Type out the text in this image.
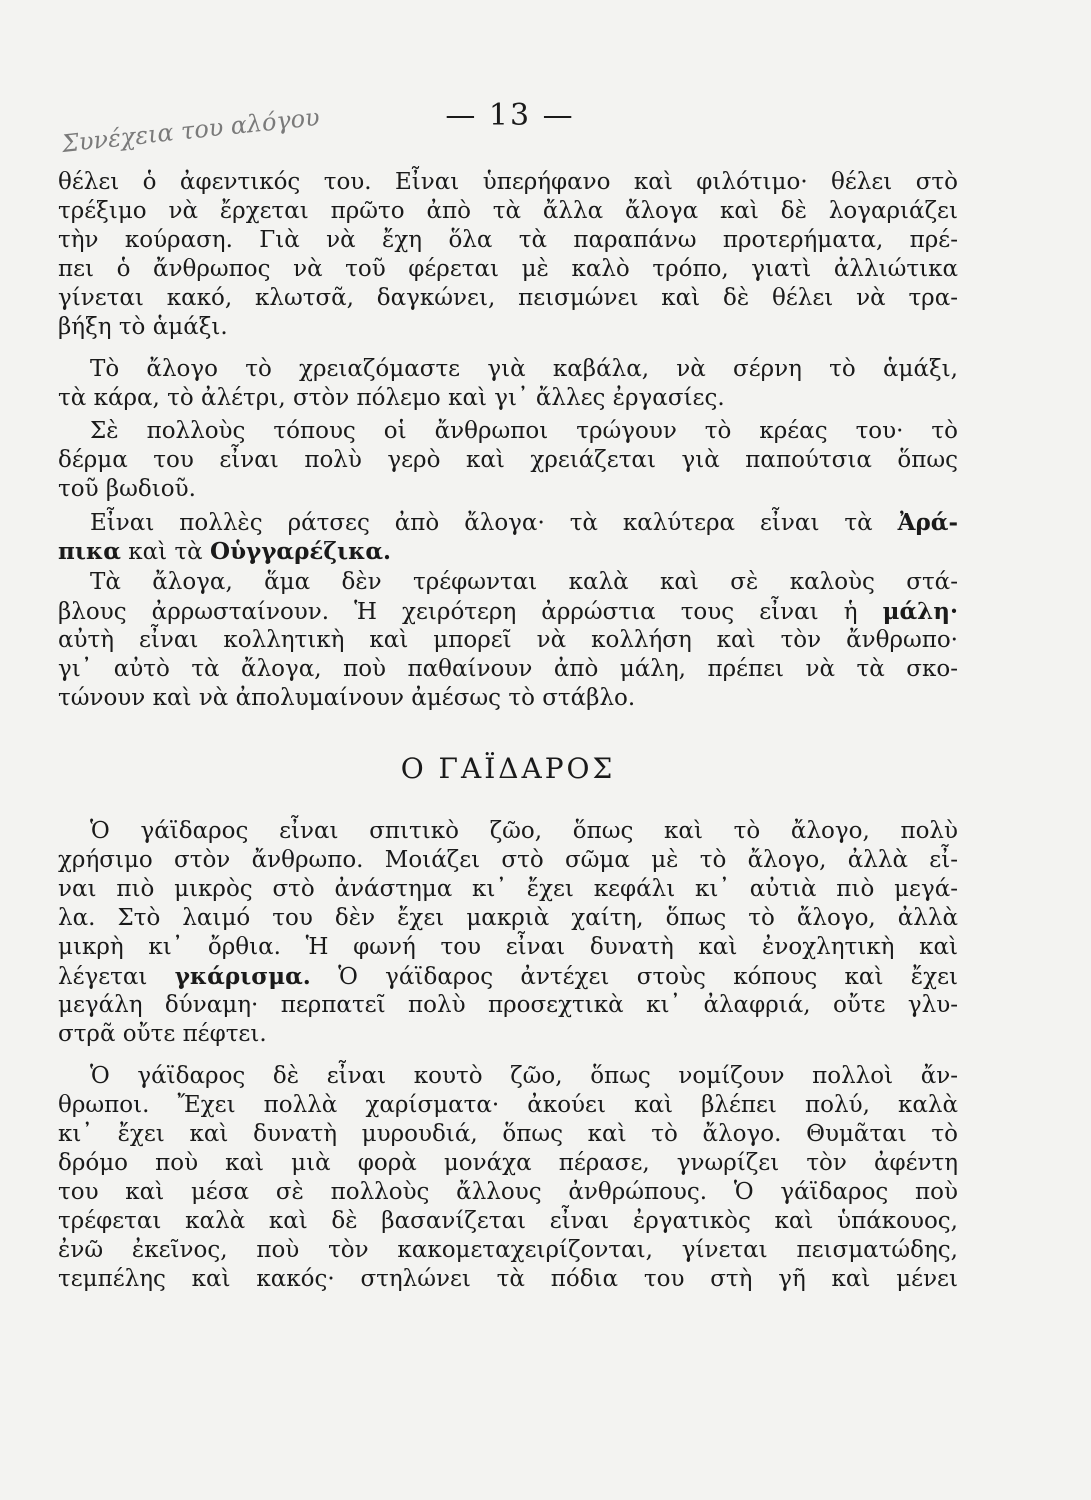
— 13 —
Συνέχεια του αλόγου
θέλει ὁ ἀφεντικός του. Εἶναι ὑπερήφανο καὶ φιλότιμο· θέλει στὸ
τρέξιμο νὰ ἔρχεται πρῶτο ἀπὸ τὰ ἄλλα ἄλογα καὶ δὲ λογαριάζει
τὴν κούραση. Γιὰ νὰ ἔχη ὅλα τὰ παραπάνω προτερήματα, πρέ-
πει ὁ ἄνθρωπος νὰ τοῦ φέρεται μὲ καλὸ τρόπο, γιατὶ ἀλλιώτικα
γίνεται κακό, κλωτσᾶ, δαγκώνει, πεισμώνει καὶ δὲ θέλει νὰ τρα-
βήξη τὸ ἁμάξι.
Τὸ ἄλογο τὸ χρειαζόμαστε γιὰ καβάλα, νὰ σέρνη τὸ ἁμάξι,
τὰ κάρα, τὸ ἀλέτρι, στὸν πόλεμο καὶ γι᾿ ἄλλες ἐργασίες.
Σὲ πολλοὺς τόπους οἱ ἄνθρωποι τρώγουν τὸ κρέας του· τὸ
δέρμα του εἶναι πολὺ γερὸ καὶ χρειάζεται γιὰ παπούτσια ὅπως
τοῦ βωδιοῦ.
Εἶναι πολλὲς ράτσες ἀπὸ ἄλογα· τὰ καλύτερα εἶναι τὰ Ἀρά-
πικα καὶ τὰ Οὑγγαρέζικα.
Τὰ ἄλογα, ἅμα δὲν τρέφωνται καλὰ καὶ σὲ καλοὺς στά-
βλους ἀρρωσταίνουν. Ἡ χειρότερη ἀρρώστια τους εἶναι ἡ μάλη·
αὐτὴ εἶναι κολλητικὴ καὶ μπορεῖ νὰ κολλήση καὶ τὸν ἄνθρωπο·
γι᾿ αὐτὸ τὰ ἄλογα, ποὺ παθαίνουν ἀπὸ μάλη, πρέπει νὰ τὰ σκο-
τώνουν καὶ νὰ ἀπολυμαίνουν ἀμέσως τὸ στάβλο.
Ο ΓΑΪΔΑΡΟΣ
Ὁ γάϊδαρος εἶναι σπιτικὸ ζῶο, ὅπως καὶ τὸ ἄλογο, πολὺ
χρήσιμο στὸν ἄνθρωπο. Μοιάζει στὸ σῶμα μὲ τὸ ἄλογο, ἀλλὰ εἶ-
ναι πιὸ μικρὸς στὸ ἀνάστημα κι᾿ ἔχει κεφάλι κι᾿ αὐτιὰ πιὸ μεγά-
λα. Στὸ λαιμό του δὲν ἔχει μακριὰ χαίτη, ὅπως τὸ ἄλογο, ἀλλὰ
μικρὴ κι᾿ ὄρθια. Ἡ φωνή του εἶναι δυνατὴ καὶ ἐνοχλητικὴ καὶ
λέγεται γκάρισμα. Ὁ γάϊδαρος ἀντέχει στοὺς κόπους καὶ ἔχει
μεγάλη δύναμη· περπατεῖ πολὺ προσεχτικὰ κι᾿ ἀλαφριά, οὔτε γλυ-
στρᾶ οὔτε πέφτει.
Ὁ γάϊδαρος δὲ εἶναι κουτὸ ζῶο, ὅπως νομίζουν πολλοὶ ἄν-
θρωποι. Ἔχει πολλὰ χαρίσματα· ἀκούει καὶ βλέπει πολύ, καλὰ
κι᾿ ἔχει καὶ δυνατὴ μυρουδιά, ὅπως καὶ τὸ ἄλογο. Θυμᾶται τὸ
δρόμο ποὺ καὶ μιὰ φορὰ μονάχα πέρασε, γνωρίζει τὸν ἀφέντη
του καὶ μέσα σὲ πολλοὺς ἄλλους ἀνθρώπους. Ὁ γάϊδαρος ποὺ
τρέφεται καλὰ καὶ δὲ βασανίζεται εἶναι ἐργατικὸς καὶ ὑπάκουος,
ἐνῶ ἐκεῖνος, ποὺ τὸν κακομεταχειρίζονται, γίνεται πεισματώδης,
τεμπέλης καὶ κακός· στηλώνει τὰ πόδια του στὴ γῆ καὶ μένει
